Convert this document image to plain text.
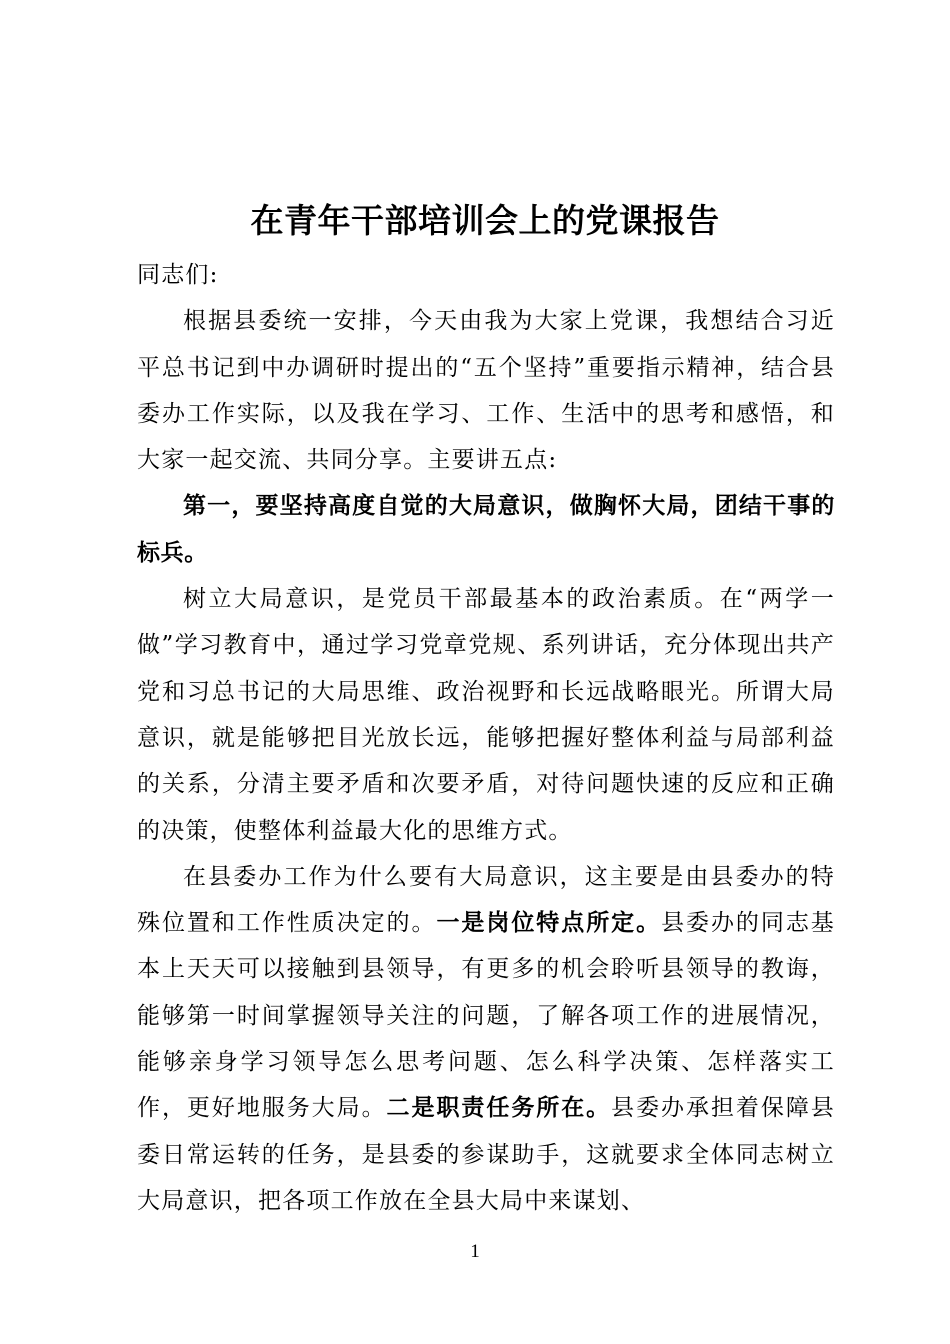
在青年干部培训会上的党课报告

同志们:

根据县委统一安排，今天由我为大家上党课，我想结合习近平总书记到中办调研时提出的“五个坚持”重要指示精神，结合县委办工作实际，以及我在学习、工作、生活中的思考和感悟，和大家一起交流、共同分享。主要讲五点:

第一，要坚持高度自觉的大局意识，做胸怀大局，团结干事的标兵。

树立大局意识，是党员干部最基本的政治素质。在“两学一做”学习教育中，通过学习党章党规、系列讲话，充分体现出共产党和习总书记的大局思维、政治视野和长远战略眼光。所谓大局意识，就是能够把目光放长远，能够把握好整体利益与局部利益的关系，分清主要矛盾和次要矛盾，对待问题快速的反应和正确的决策，使整体利益最大化的思维方式。

在县委办工作为什么要有大局意识，这主要是由县委办的特殊位置和工作性质决定的。一是岗位特点所定。县委办的同志基本上天天可以接触到县领导，有更多的机会聆听县领导的教诲，能够第一时间掌握领导关注的问题，了解各项工作的进展情况，能够亲身学习领导怎么思考问题、怎么科学决策、怎样落实工作，更好地服务大局。二是职责任务所在。县委办承担着保障县委日常运转的任务，是县委的参谋助手，这就要求全体同志树立大局意识，把各项工作放在全县大局中来谋划、

1
